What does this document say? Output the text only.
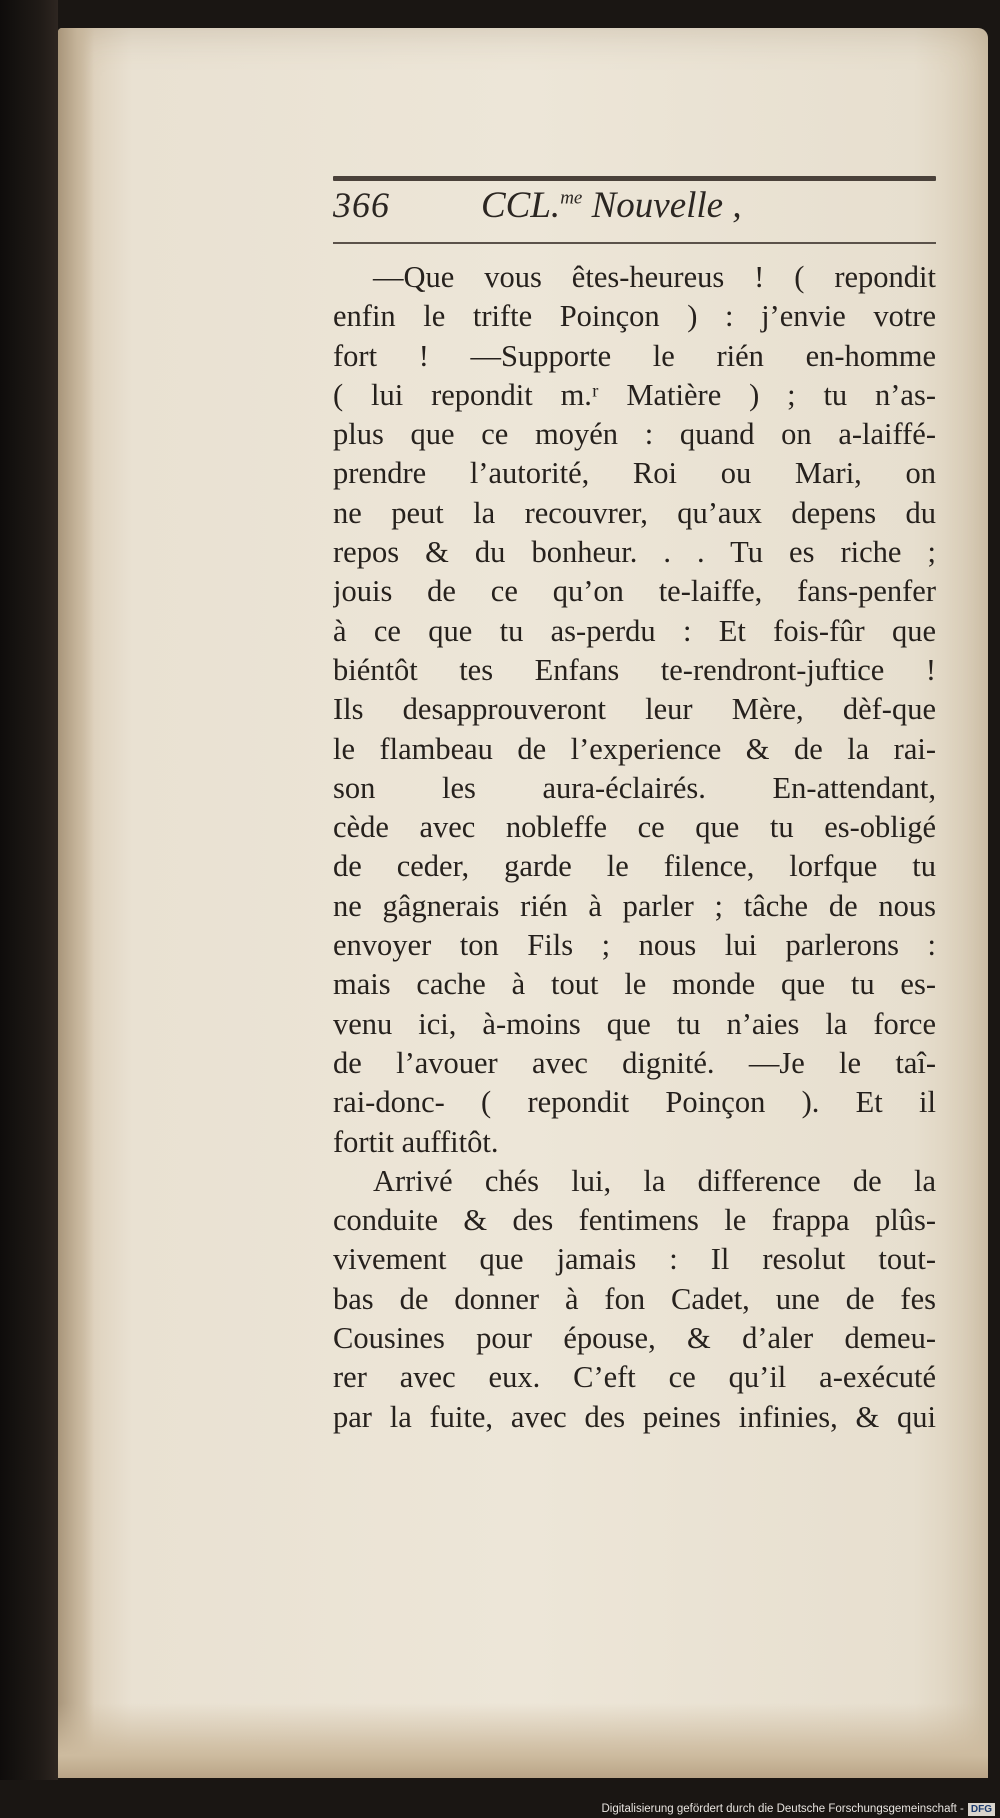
366 CCL.$^{me}$ Nouvelle ,
—Que vous êtes-heureus ! ( repondit
enfin le trifte Poinçon ) : j’envie votre
fort ! —Supporte le rién en-homme
( lui repondit m.ʳ Matière ) ; tu n’as-
plus que ce moyén : quand on a-laiffé-
prendre l’autorité, Roi ou Mari, on
ne peut la recouvrer, qu’aux depens du
repos & du bonheur. . . Tu es riche ;
jouis de ce qu’on te-laiffe, fans-penfer
à ce que tu as-perdu : Et fois-fûr que
biéntôt tes Enfans te-rendront-juftice !
Ils desapprouveront leur Mère, dèf-que
le flambeau de l’experience & de la rai-
son les aura-éclairés. En-attendant,
cède avec nobleffe ce que tu es-obligé
de ceder, garde le filence, lorfque tu
ne gâgnerais rién à parler ; tâche de nous
envoyer ton Fils ; nous lui parlerons :
mais cache à tout le monde que tu es-
venu ici, à-moins que tu n’aies la force
de l’avouer avec dignité. —Je le taî-
rai-donc- ( repondit Poinçon ). Et il
fortit auffitôt.
Arrivé chés lui, la difference de la
conduite & des fentimens le frappa plûs-
vivement que jamais : Il resolut tout-
bas de donner à fon Cadet, une de fes
Cousines pour épouse, & d’aler demeu-
rer avec eux. C’eft ce qu’il a-exécuté
par la fuite, avec des peines infinies, & qui
Digitalisierung gefördert durch die Deutsche Forschungsgemeinschaft - DFG
